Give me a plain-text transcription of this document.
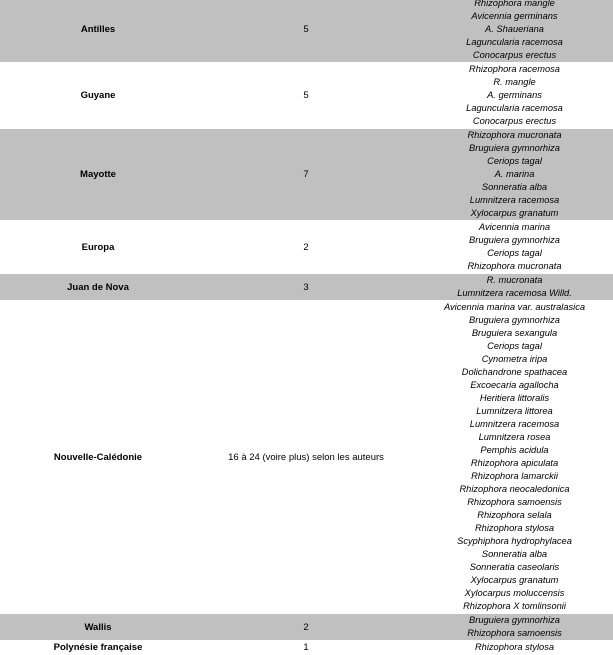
Antilles	5
Rhizophora mangle
Avicennia germinans
A. Shaueriana
Laguncularia racemosa
Conocarpus erectus
Guyane	5
Rhizophora racemosa
R. mangle
A. germinans
Laguncularia racemosa
Conocarpus erectus
Mayotte	7
Rhizophora mucronata
Bruguiera gymnorhiza
Ceriops tagal
A. marina
Sonneratia alba
Lumnitzera racemosa
Xylocarpus granatum
Europa	2
Avicennia marina
Bruguiera gymnorhiza
Ceriops tagal
Rhizophora mucronata
Juan de Nova	3
R. mucronata
Lumnitzera racemosa Willd.
Nouvelle-Calédonie	16 à 24 (voire plus) selon les auteurs
Avicennia marina var. australasica
Bruguiera gymnorhiza
Bruguiera sexangula
Ceriops tagal
Cynometra iripa
Dolichandrone spathacea
Excoecaria agallocha
Heritiera littoralis
Lumnitzera littorea
Lumnitzera racemosa
Lumnitzera rosea
Pemphis acidula
Rhizophora apiculata
Rhizophora lamarckii
Rhizophora neocaledonica
Rhizophora samoensis
Rhizophora selala
Rhizophora stylosa
Scyphiphora hydrophylacea
Sonneratia alba
Sonneratia caseolaris
Xylocarpus granatum
Xylocarpus moluccensis
Rhizophora X tomlinsonii
Wallis	2
Bruguiera gymnorhiza
Rhizophora samoensis
Polynésie française	1	Rhizophora stylosa
